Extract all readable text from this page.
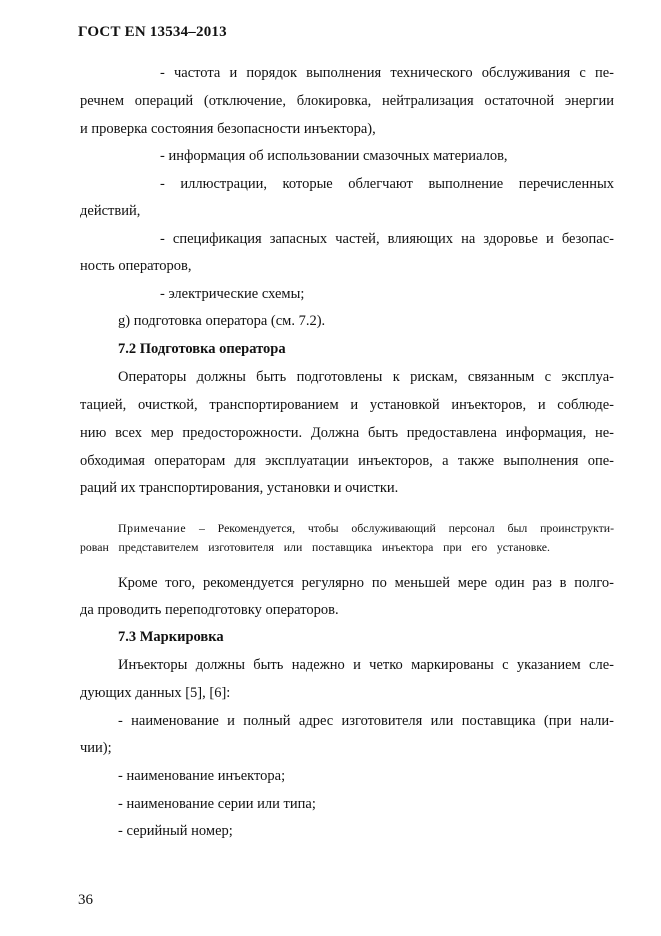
ГОСТ EN 13534–2013

- частота и порядок выполнения технического обслуживания с пе-

речнем операций (отключение, блокировка, нейтрализация остаточной энергии

и проверка состояния безопасности инъектора),

- информация об использовании смазочных материалов,

- иллюстрации, которые облегчают выполнение перечисленных

действий,

- спецификация запасных частей, влияющих на здоровье и безопас-

ность операторов,

- электрические схемы;

g) подготовка оператора (см. 7.2).

7.2 Подготовка оператора

Операторы должны быть подготовлены к рискам, связанным с эксплуа-

тацией, очисткой, транспортированием и установкой инъекторов, и соблюде-

нию всех мер предосторожности. Должна быть предоставлена информация, не-

обходимая операторам для эксплуатации инъекторов, а также выполнения опе-

раций их транспортирования, установки и очистки.

Примечание – Рекомендуется, чтобы обслуживающий персонал был проинструкти-

рован представителем изготовителя или поставщика инъектора при его установке.

Кроме того, рекомендуется регулярно по меньшей мере один раз в полго-

да проводить переподготовку операторов.

7.3 Маркировка

Инъекторы должны быть надежно и четко маркированы с указанием сле-

дующих данных [5], [6]:

- наименование и полный адрес изготовителя или поставщика (при нали-

чии);

- наименование инъектора;

- наименование серии или типа;

- серийный номер;

36
